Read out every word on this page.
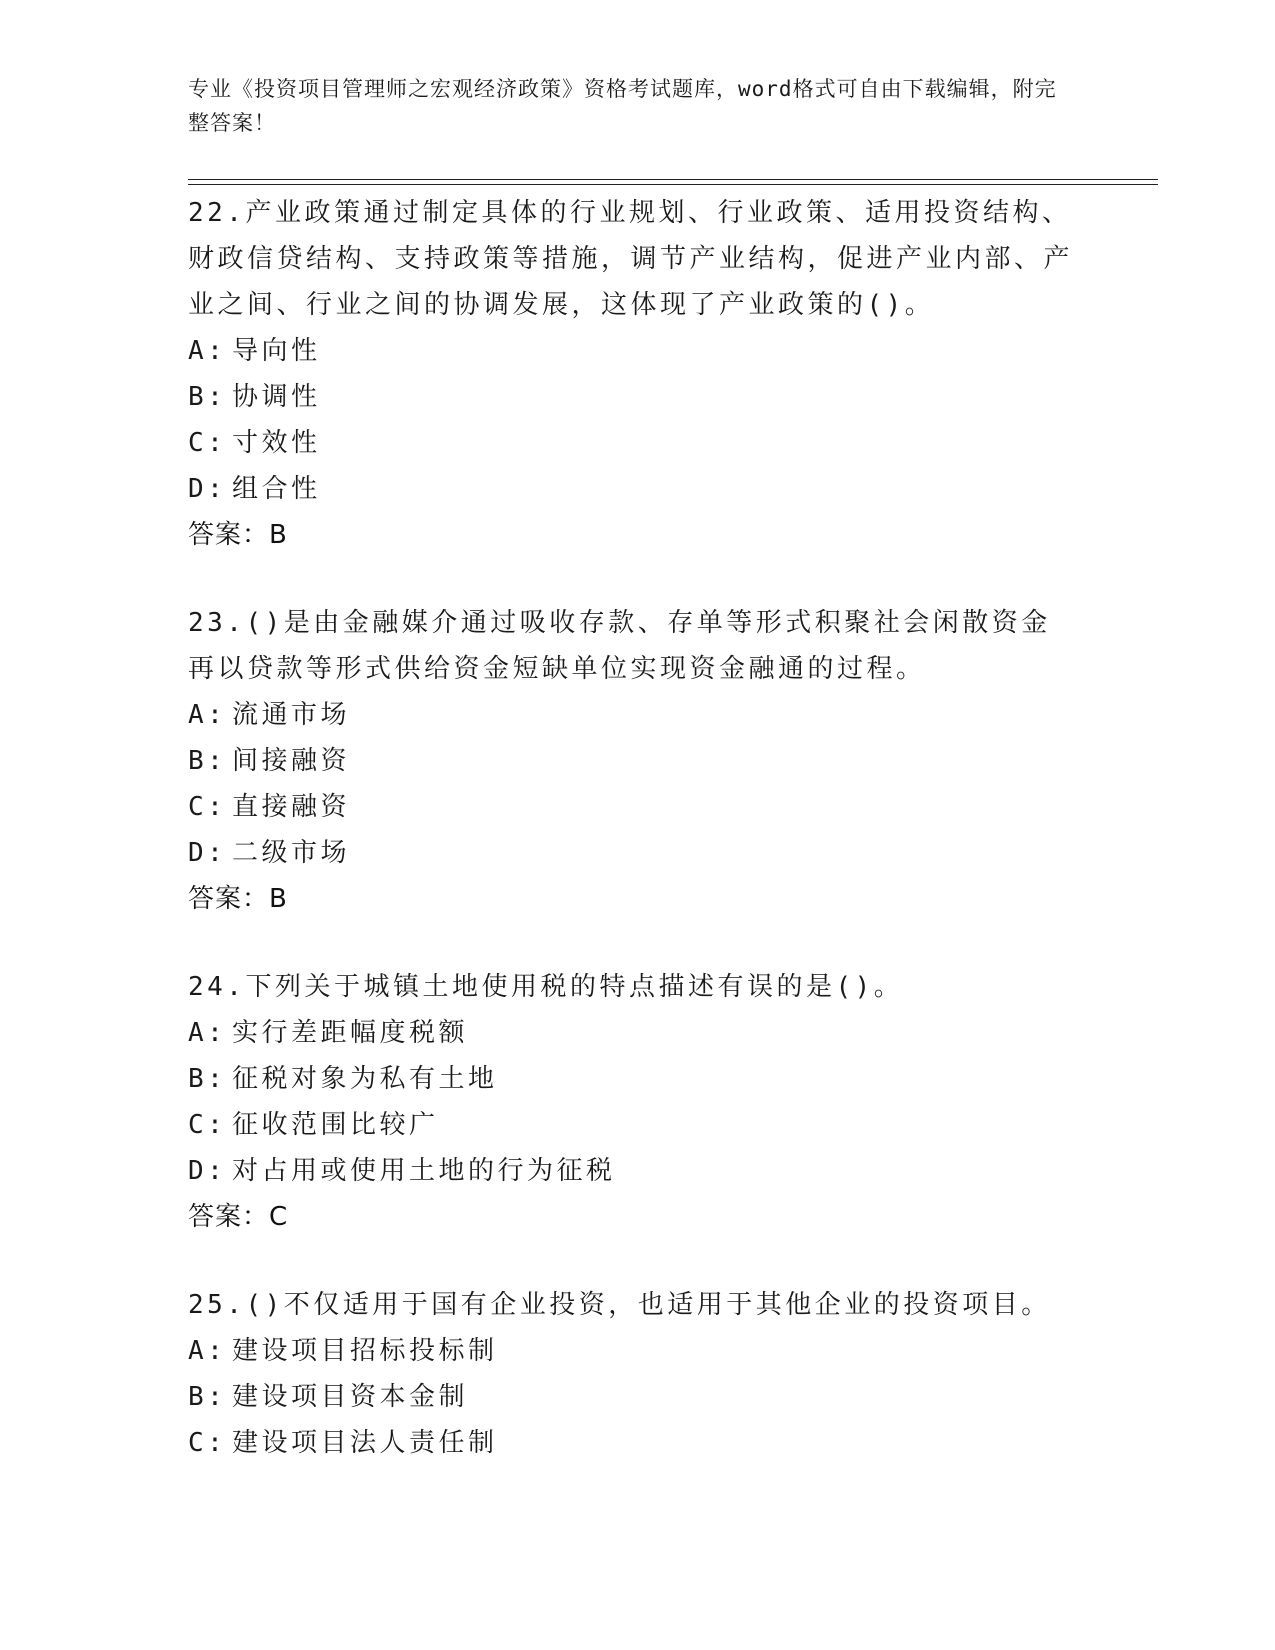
专业《投资项目管理师之宏观经济政策》资格考试题库，word格式可自由下载编辑，附完整答案！

22.产业政策通过制定具体的行业规划、行业政策、适用投资结构、财政信贷结构、支持政策等措施，调节产业结构，促进产业内部、产业之间、行业之间的协调发展，这体现了产业政策的()。

A: 导向性

B: 协调性

C: 寸效性

D: 组合性

答案：B

23.()是由金融媒介通过吸收存款、存单等形式积聚社会闲散资金再以贷款等形式供给资金短缺单位实现资金融通的过程。

A: 流通市场

B: 间接融资

C: 直接融资

D: 二级市场

答案：B

24.下列关于城镇土地使用税的特点描述有误的是()。

A: 实行差距幅度税额

B: 征税对象为私有土地

C: 征收范围比较广

D: 对占用或使用土地的行为征税

答案：C

25.()不仅适用于国有企业投资，也适用于其他企业的投资项目。

A: 建设项目招标投标制

B: 建设项目资本金制

C: 建设项目法人责任制
